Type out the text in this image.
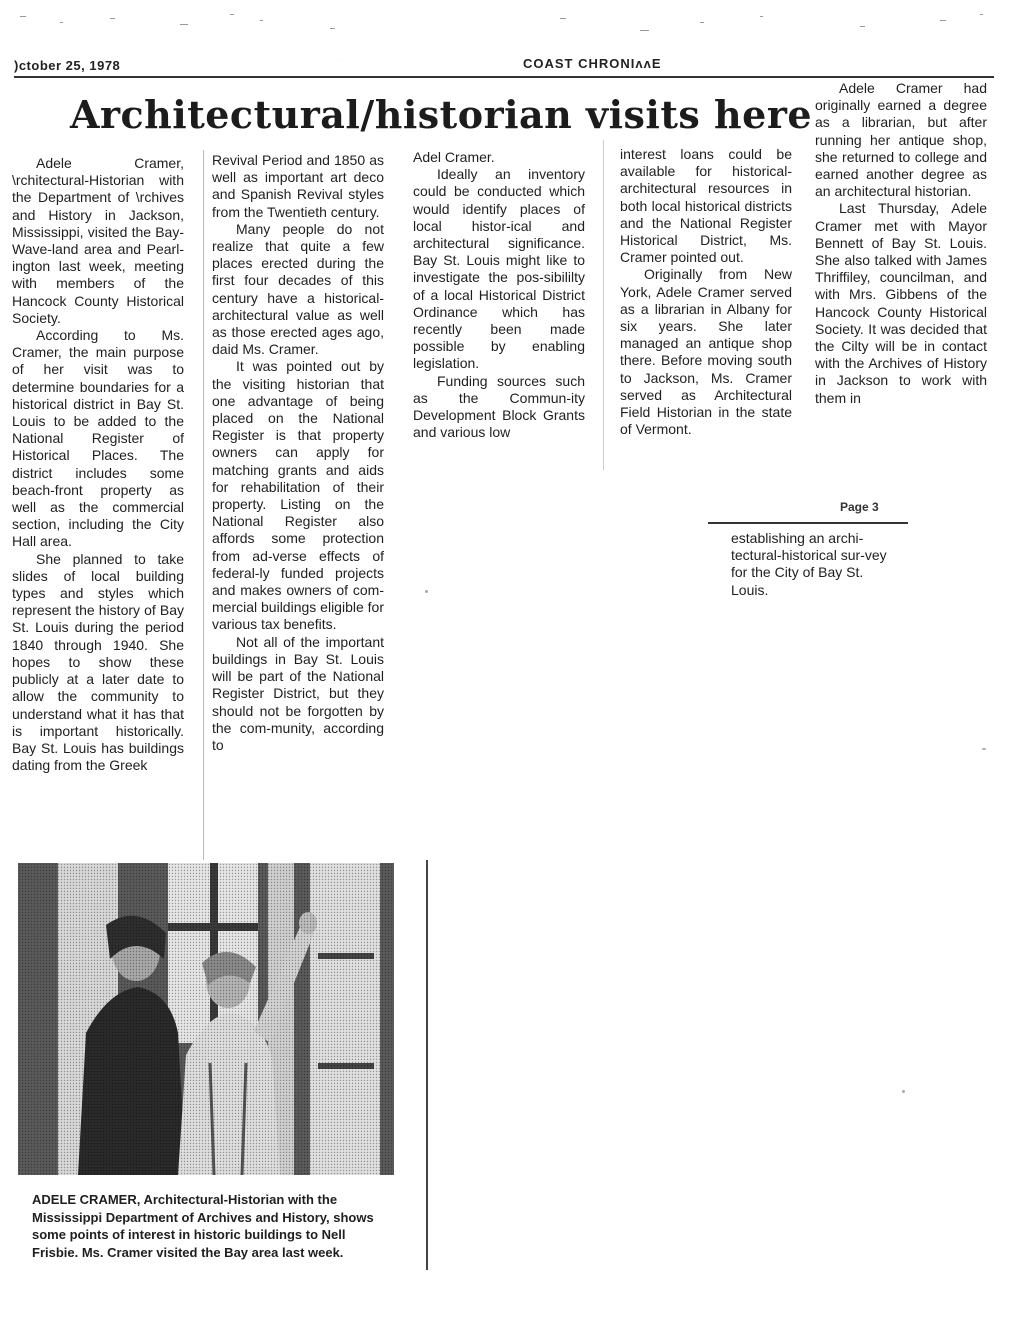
)ctober 25, 1978	COAST CHRONIʌʌE
Architectural/historian visits here

Adele Cramer, \rchitectural-Historian with the Department of \rchives and History in Jackson, Mississippi, visited the Bay-Wave-land area and Pearl-ington last week, meeting with members of the Hancock County Historical Society.

According to Ms. Cramer, the main purpose of her visit was to determine boundaries for a historical district in Bay St. Louis to be added to the National Register of Historical Places. The district includes some beach-front property as well as the commercial section, including the City Hall area.

She planned to take slides of local building types and styles which represent the history of Bay St. Louis during the period 1840 through 1940. She hopes to show these publicly at a later date to allow the community to understand what it has that is important historically. Bay St. Louis has buildings dating from the Greek

Revival Period and 1850 as well as important art deco and Spanish Revival styles from the Twentieth century.

Many people do not realize that quite a few places erected during the first four decades of this century have a historical-architectural value as well as those erected ages ago, daid Ms. Cramer.

It was pointed out by the visiting historian that one advantage of being placed on the National Register is that property owners can apply for matching grants and aids for rehabilitation of their property. Listing on the National Register also affords some protection from ad-verse effects of federal-ly funded projects and makes owners of com-mercial buildings eligible for various tax benefits.

Not all of the important buildings in Bay St. Louis will be part of the National Register District, but they should not be forgotten by the com-munity, according to

Adel Cramer.

Ideally an inventory could be conducted which would identify places of local histor-ical and architectural significance. Bay St. Louis might like to investigate the pos-sibililty of a local Historical District Ordinance which has recently been made possible by enabling legislation.

Funding sources such as the Commun-ity Development Block Grants and various low

interest loans could be available for historical-architectural resources in both local historical districts and the National Register Historical District, Ms. Cramer pointed out.

Originally from New York, Adele Cramer served as a librarian in Albany for six years. She later managed an antique shop there. Before moving south to Jackson, Ms. Cramer served as Architectural Field Historian in the state of Vermont.

Adele Cramer had originally earned a degree as a librarian, but after running her antique shop, she returned to college and earned another degree as an architectural historian.

Last Thursday, Adele Cramer met with Mayor Bennett of Bay St. Louis. She also talked with James Thriffiley, councilman, and with Mrs. Gibbens of the Hancock County Historical Society. It was decided that the Cilty will be in contact with the Archives of History in Jackson to work with them in

Page 3
establishing an archi-tectural-historical sur-vey for the City of Bay St. Louis.
ADELE CRAMER, Architectural-Historian with the Mississippi Department of Archives and History, shows some points of interest in historic buildings to Nell Frisbie. Ms. Cramer visited the Bay area last week.
